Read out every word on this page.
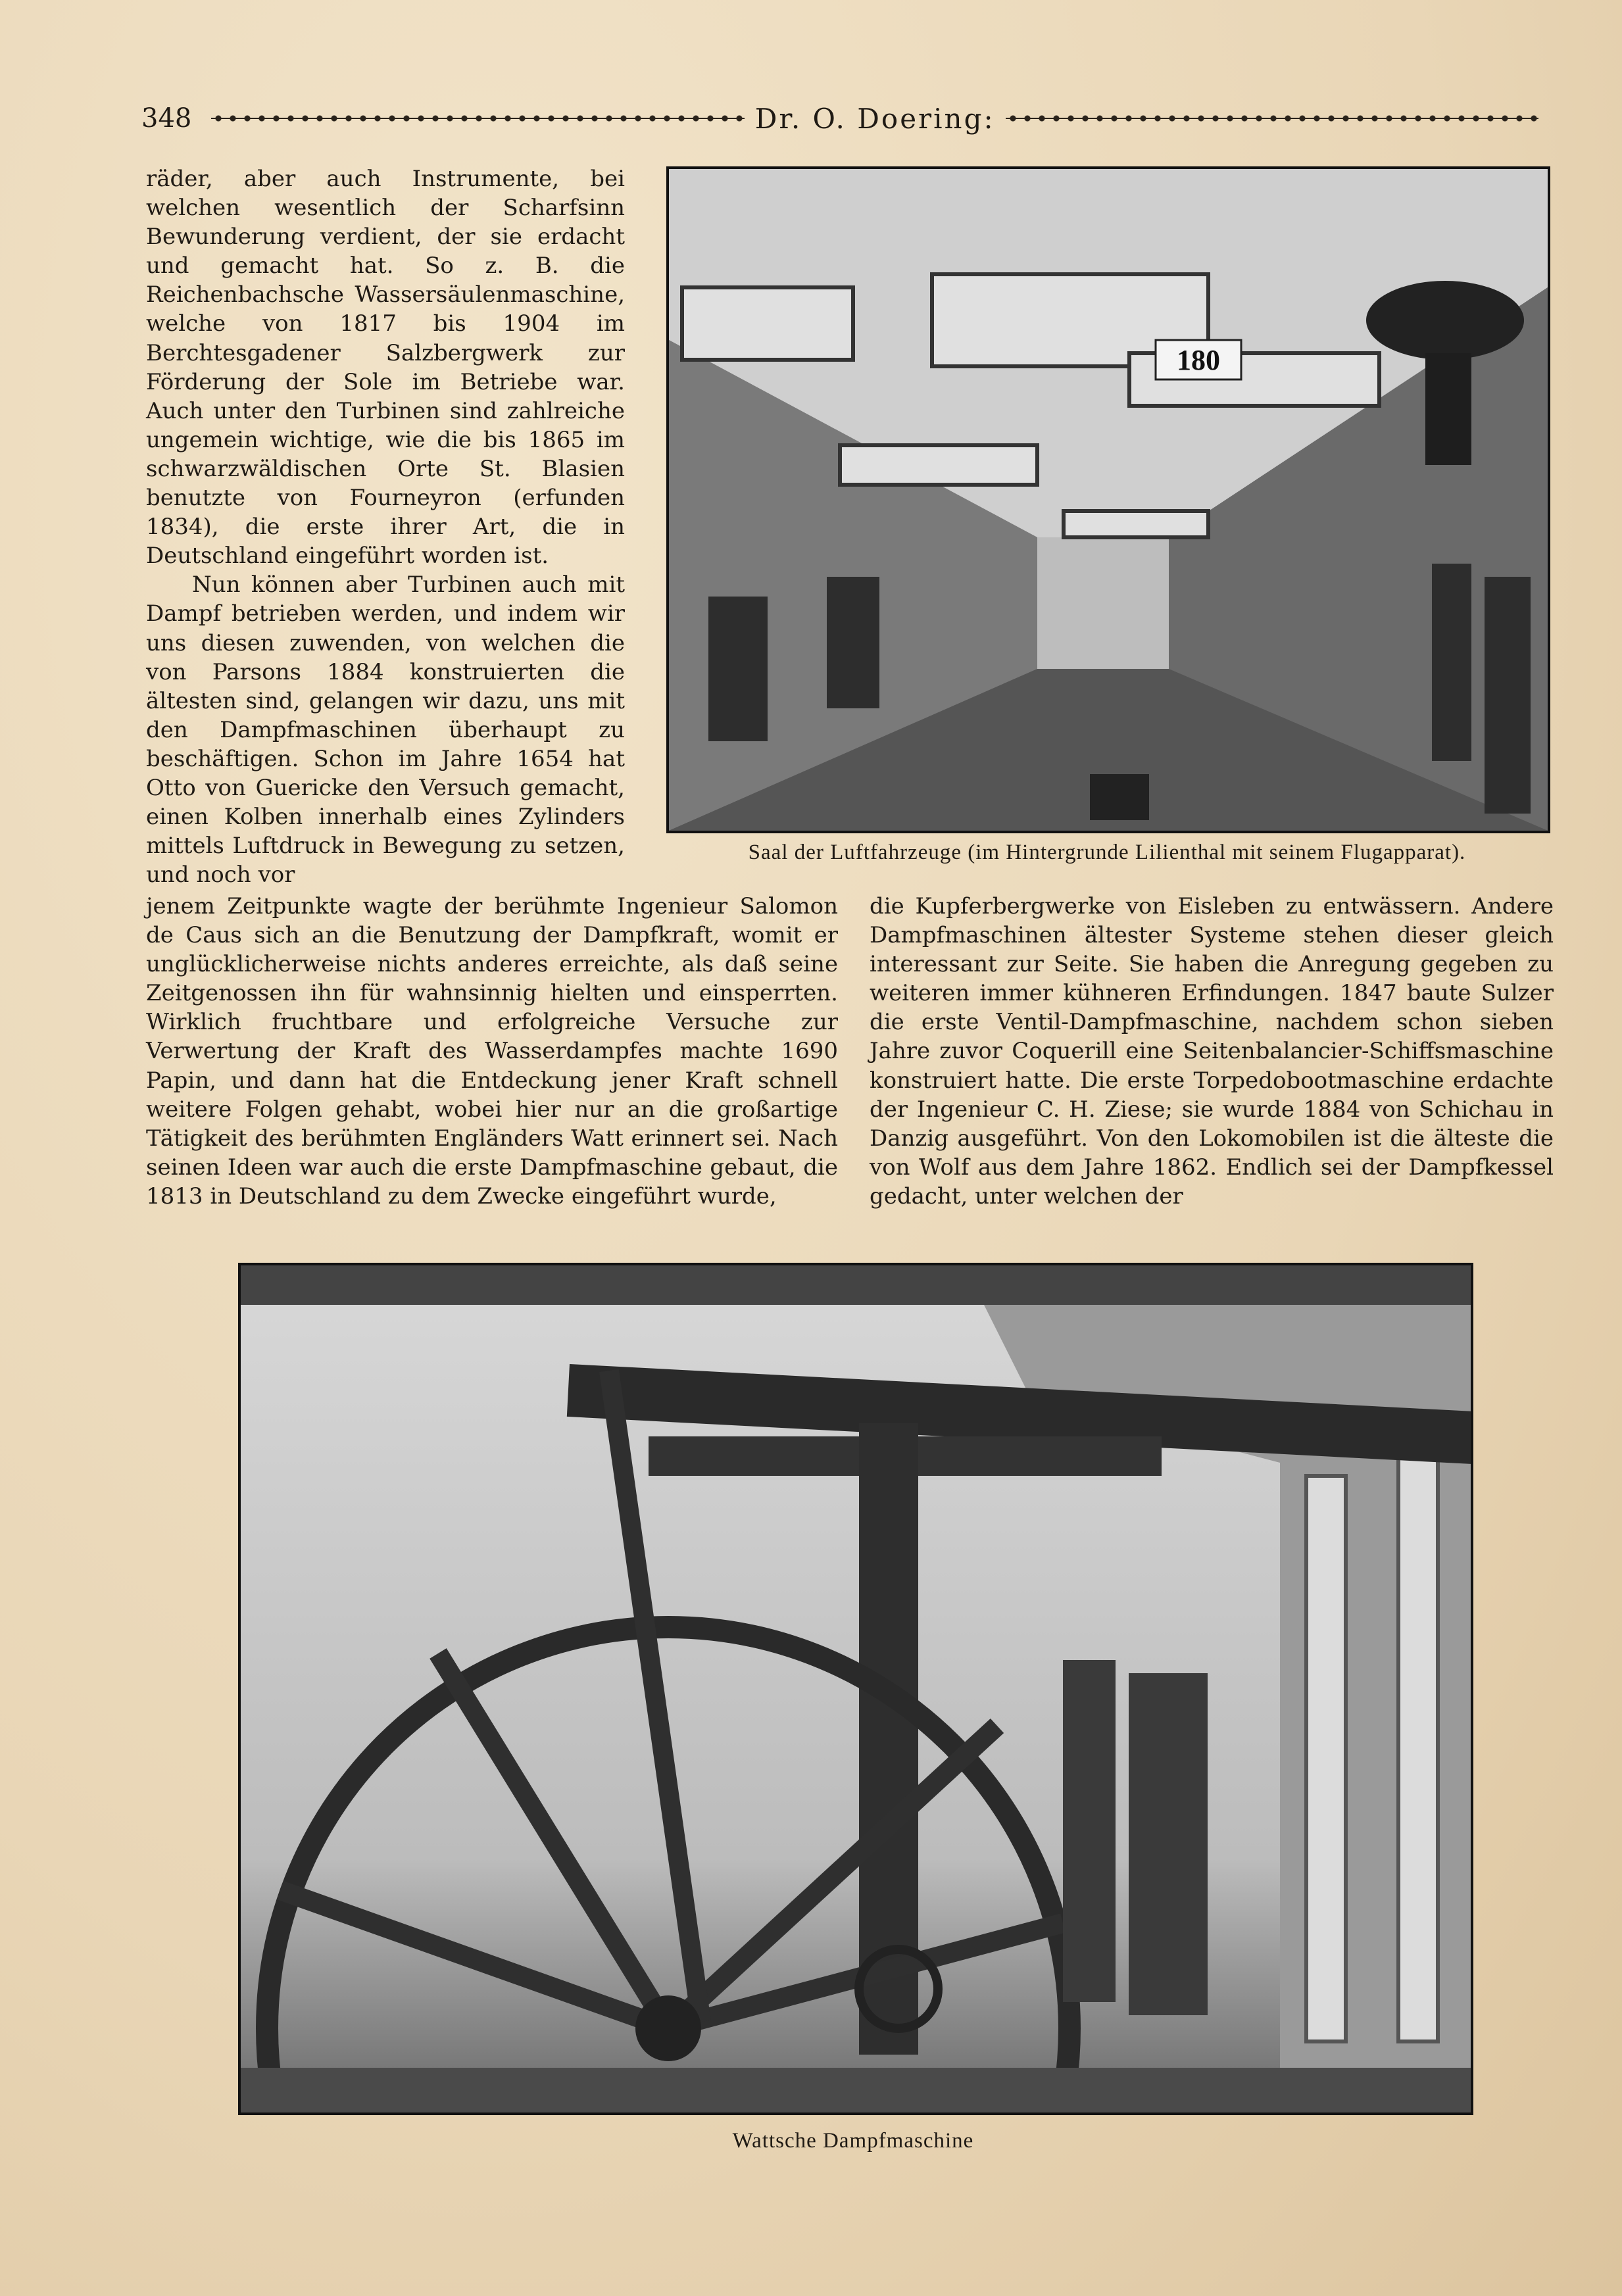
348	Dr. O. Doering:

räder, aber auch Instrumente, bei welchen wesentlich der Scharfsinn Bewunderung verdient, der sie erdacht und gemacht hat. So z. B. die Reichenbachsche Wassersäulenmaschine, welche von 1817 bis 1904 im Berchtesgadener Salzbergwerk zur Förderung der Sole im Betriebe war. Auch unter den Turbinen sind zahlreiche ungemein wichtige, wie die bis 1865 im schwarzwäldischen Orte St. Blasien benutzte von Fourneyron (erfunden 1834), die erste ihrer Art, die in Deutschland eingeführt worden ist.

Nun können aber Turbinen auch mit Dampf betrieben werden, und indem wir uns diesen zuwenden, von welchen die von Parsons 1884 konstruierten die ältesten sind, gelangen wir dazu, uns mit den Dampfmaschinen überhaupt zu beschäftigen. Schon im Jahre 1654 hat Otto von Guericke den Versuch gemacht, einen Kolben innerhalb eines Zylinders mittels Luftdruck in Bewegung zu setzen, und noch vor

180
Saal der Luftfahrzeuge (im Hintergrunde Lilienthal mit seinem Flugapparat).
jenem Zeitpunkte wagte der berühmte Ingenieur Salomon de Caus sich an die Benutzung der Dampfkraft, womit er unglücklicherweise nichts anderes erreichte, als daß seine Zeitgenossen ihn für wahnsinnig hielten und einsperrten. Wirklich fruchtbare und erfolgreiche Versuche zur Verwertung der Kraft des Wasserdampfes machte 1690 Papin, und dann hat die Entdeckung jener Kraft schnell weitere Folgen gehabt, wobei hier nur an die großartige Tätigkeit des berühmten Engländers Watt erinnert sei. Nach seinen Ideen war auch die erste Dampfmaschine gebaut, die 1813 in Deutschland zu dem Zwecke eingeführt wurde,
die Kupferbergwerke von Eisleben zu entwässern. Andere Dampfmaschinen ältester Systeme stehen dieser gleich interessant zur Seite. Sie haben die Anregung gegeben zu weiteren immer kühneren Erfindungen. 1847 baute Sulzer die erste Ventil-Dampfmaschine, nachdem schon sieben Jahre zuvor Coquerill eine Seitenbalancier-Schiffsmaschine konstruiert hatte. Die erste Torpedobootmaschine erdachte der Ingenieur C. H. Ziese; sie wurde 1884 von Schichau in Danzig ausgeführt. Von den Lokomobilen ist die älteste die von Wolf aus dem Jahre 1862. Endlich sei der Dampfkessel gedacht, unter welchen der
Wattsche Dampfmaschine
